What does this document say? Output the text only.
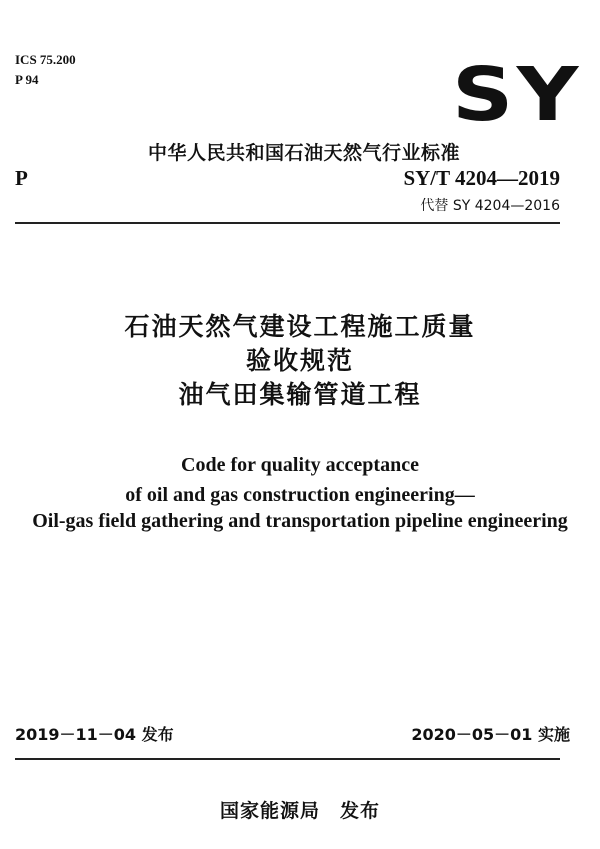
ICS 75.200
P 94	SY
中华人民共和国石油天然气行业标准
P	SY/T 4204—2019
代替 SY 4204—2016
石油天然气建设工程施工质量
验收规范
油气田集输管道工程
Code for quality acceptance
of oil and gas construction engineering—
Oil-gas field gathering and transportation pipeline engineering
2019－11－04 发布	2020－05－01 实施
国家能源局　发布
